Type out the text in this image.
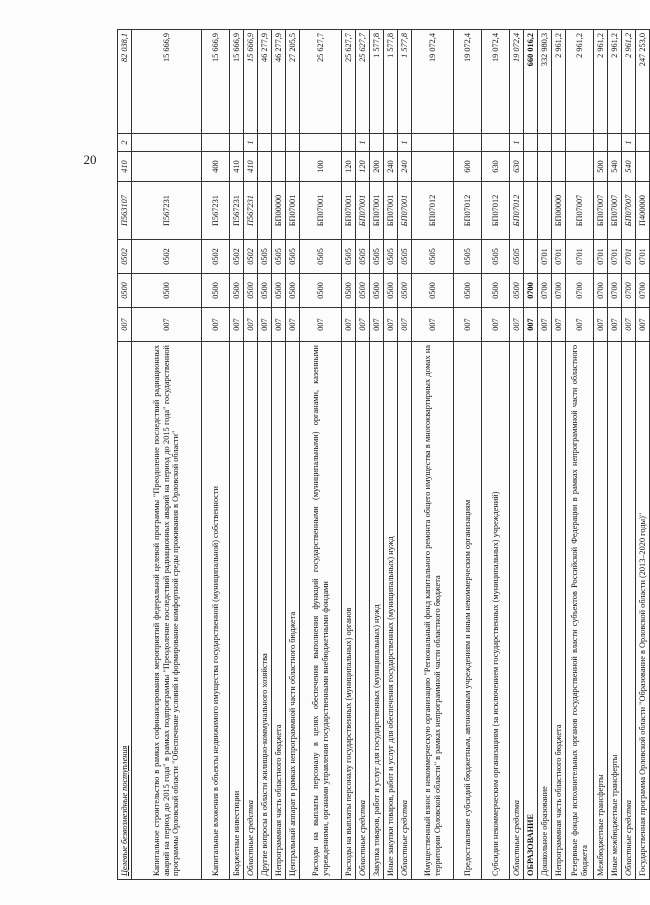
20
Целевые безвозмездные поступления	007	0500	0502	П563107	410	2	82 038,1
Капитальное строительство в рамках софинансирования мероприятий федеральной целевой программы "Преодоление последствий радиационных аварий на период до 2015 года" в рамках подпрограммы "Преодоление последствий радиационных аварий на период до 2015 года" государственной программы Орловской области "Обеспечение условий и формирование комфортной среды проживания в Орловской области"	007	0500	0502	П567231			15 666,9
Капитальные вложения в объекты недвижимого имущества государственной (муниципальной) собственности	007	0500	0502	П567231	400		15 666,9
Бюджетные инвестиции	007	0500	0502	П567231	410		15 666,9
Областные средства	007	0500	0502	П567231	410	1	15 666,9
Другие вопросы в области жилищно-коммунального хозяйства	007	0500	0505				46 277,9
Непрограммная часть областного бюджета	007	0500	0505	БП00000			46 277,9
Центральный аппарат в рамках непрограммной части областного бюджета	007	0500	0505	БП07001			27 205,5
Расходы на выплаты персоналу в целях обеспечения выполнения функций государственными (муниципальными) органами, казенными учреждениями, органами управления государственными внебюджетными фондами	007	0500	0505	БП07001	100		25 627,7
Расходы на выплаты персоналу государственных (муниципальных) органов	007	0500	0505	БП07001	120		25 627,7
Областные средства	007	0500	0505	БП07001	120	1	25 627,7
Закупка товаров, работ и услуг для государственных (муниципальных) нужд	007	0500	0505	БП07001	200		1 577,8
Иные закупки товаров, работ и услуг для обеспечения государственных (муниципальных) нужд	007	0500	0505	БП07001	240		1 577,8
Областные средства	007	0500	0505	БП07001	240	1	1 577,8
Имущественный взнос в некоммерческую организацию "Региональный фонд капитального ремонта общего имущества в многоквартирных домах на территории Орловской области" в рамках непрограммной части областного бюджета	007	0500	0505	БП07012			19 072,4
Предоставление субсидий бюджетным, автономным учреждениям и иным некоммерческим организациям	007	0500	0505	БП07012	600		19 072,4
Субсидии некоммерческим организациям (за исключением государственных (муниципальных) учреждений)	007	0500	0505	БП07012	630		19 072,4
Областные средства	007	0500	0505	БП07012	630	1	19 072,4
ОБРАЗОВАНИЕ	007	0700					660 016,2
Дошкольное образование	007	0700	0701				332 980,3
Непрограммная часть областного бюджета	007	0700	0701	БП00000			2 961,2
Резервные фонды исполнительных органов государственной власти субъектов Российской Федерации в рамках непрограммной части областного бюджета	007	0700	0701	БП07007			2 961,2
Межбюджетные трансферты	007	0700	0701	БП07007	500		2 961,2
Иные межбюджетные трансферты	007	0700	0701	БП07007	540		2 961,2
Областные средства	007	0700	0701	БП07007	540	1	2 961,2
Государственная программа Орловской области "Образование в Орловской области (2013–2020 годы)"	007	0700	0701	П400000			247 253,0
